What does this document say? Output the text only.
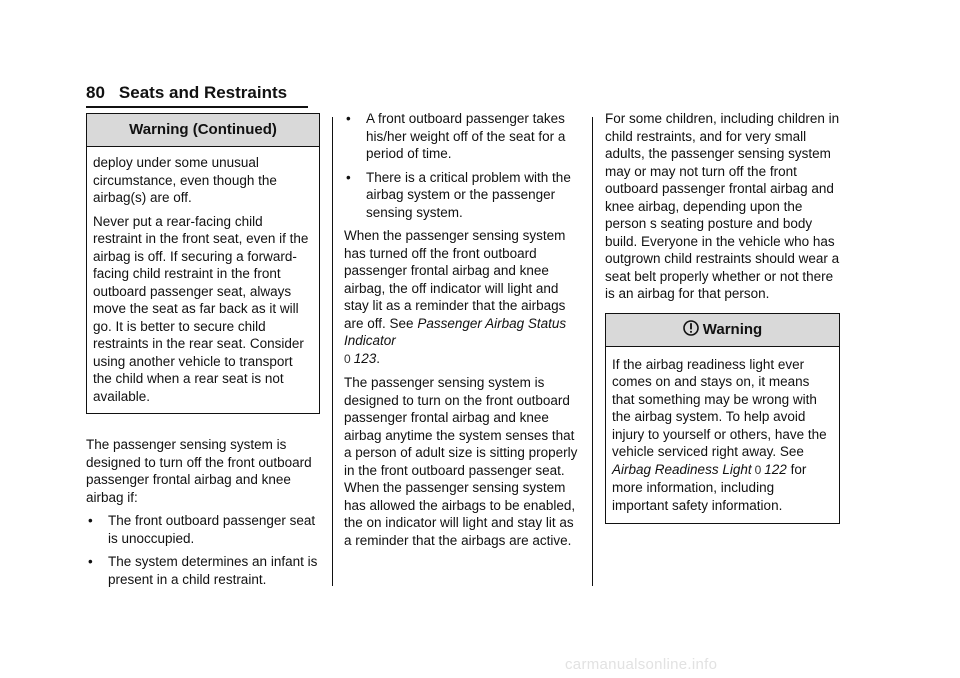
80 Seats and Restraints
Warning (Continued)

deploy under some unusual circumstance, even though the airbag(s) are off.

Never put a rear-facing child restraint in the front seat, even if the airbag is off. If securing a forward-facing child restraint in the front outboard passenger seat, always move the seat as far back as it will go. It is better to secure child restraints in the rear seat. Consider using another vehicle to transport the child when a rear seat is not available.

The passenger sensing system is designed to turn off the front outboard passenger frontal airbag and knee airbag if:

• The front outboard passenger seat is unoccupied.
• The system determines an infant is present in a child restraint.
• A front outboard passenger takes his/her weight off of the seat for a period of time.
• There is a critical problem with the airbag system or the passenger sensing system.

When the passenger sensing system has turned off the front outboard passenger frontal airbag and knee airbag, the off indicator will light and stay lit as a reminder that the airbags are off. See Passenger Airbag Status Indicator
0 123.

The passenger sensing system is designed to turn on the front outboard passenger frontal airbag and knee airbag anytime the system senses that a person of adult size is sitting properly in the front outboard passenger seat. When the passenger sensing system has allowed the airbags to be enabled, the on indicator will light and stay lit as a reminder that the airbags are active.

For some children, including children in child restraints, and for very small adults, the passenger sensing system may or may not turn off the front outboard passenger frontal airbag and knee airbag, depending upon the person s seating posture and body build. Everyone in the vehicle who has outgrown child restraints should wear a seat belt properly whether or not there is an airbag for that person.

Warning

If the airbag readiness light ever comes on and stays on, it means that something may be wrong with the airbag system. To help avoid injury to yourself or others, have the vehicle serviced right away. See Airbag Readiness Light 0 122 for more information, including important safety information.

carmanualsonline.info
